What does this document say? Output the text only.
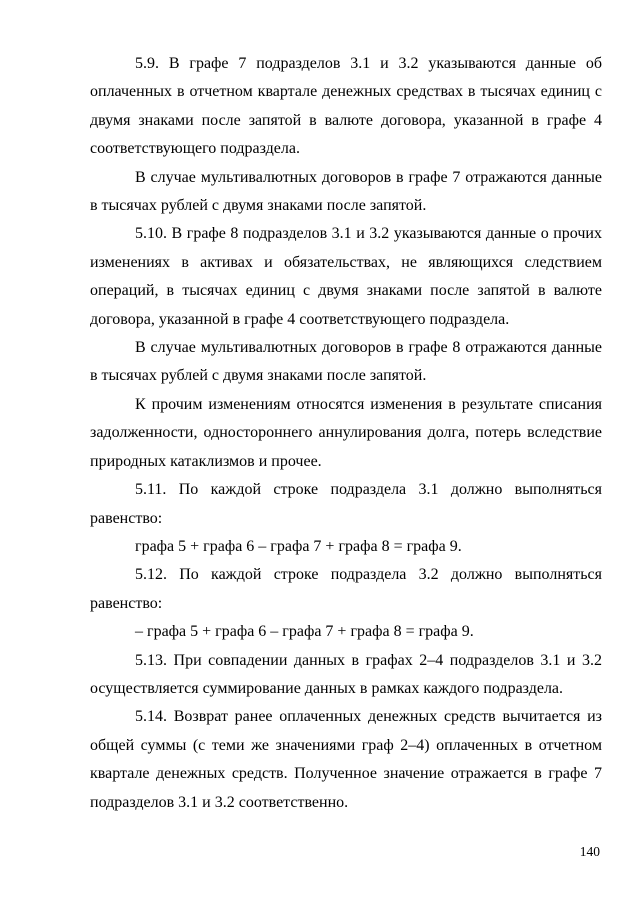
5.9. В графе 7 подразделов 3.1 и 3.2 указываются данные об оплаченных в отчетном квартале денежных средствах в тысячах единиц с двумя знаками после запятой в валюте договора, указанной в графе 4 соответствующего подраздела.

В случае мультивалютных договоров в графе 7 отражаются данные в тысячах рублей с двумя знаками после запятой.

5.10. В графе 8 подразделов 3.1 и 3.2 указываются данные о прочих изменениях в активах и обязательствах, не являющихся следствием операций, в тысячах единиц с двумя знаками после запятой в валюте договора, указанной в графе 4 соответствующего подраздела.

В случае мультивалютных договоров в графе 8 отражаются данные в тысячах рублей с двумя знаками после запятой.

К прочим изменениям относятся изменения в результате списания задолженности, одностороннего аннулирования долга, потерь вследствие природных катаклизмов и прочее.

5.11. По каждой строке подраздела 3.1 должно выполняться равенство:

графа 5 + графа 6 – графа 7 + графа 8 = графа 9.

5.12. По каждой строке подраздела 3.2 должно выполняться равенство:

– графа 5 + графа 6 – графа 7 + графа 8 = графа 9.

5.13. При совпадении данных в графах 2–4 подразделов 3.1 и 3.2 осуществляется суммирование данных в рамках каждого подраздела.

5.14. Возврат ранее оплаченных денежных средств вычитается из общей суммы (с теми же значениями граф 2–4) оплаченных в отчетном квартале денежных средств. Полученное значение отражается в графе 7 подразделов 3.1 и 3.2 соответственно.

140
